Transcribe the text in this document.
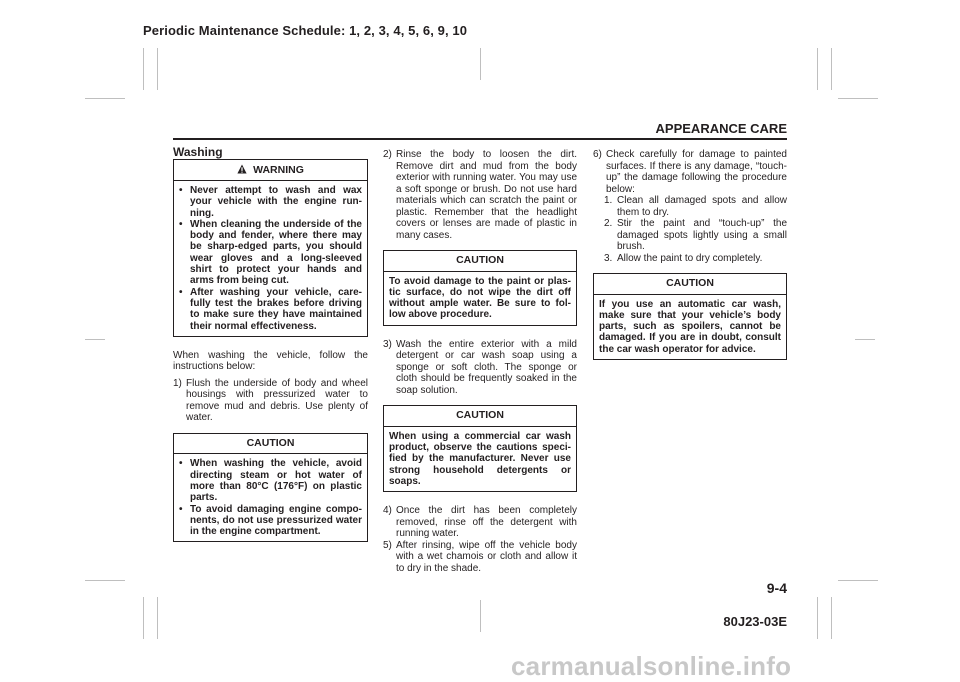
Periodic Maintenance Schedule: 1, 2, 3, 4, 5, 6, 9, 10
APPEARANCE CARE

Washing

WARNING
• Never attempt to wash and wax your vehicle with the engine run-ning.
• When cleaning the underside of the body and fender, where there may be sharp-edged parts, you should wear gloves and a long-sleeved shirt to protect your hands and arms from being cut.
• After washing your vehicle, care-fully test the brakes before driving to make sure they have maintained their normal effectiveness.

When washing the vehicle, follow the instructions below:

1) Flush the underside of body and wheel housings with pressurized water to remove mud and debris. Use plenty of water.
CAUTION
• When washing the vehicle, avoid directing steam or hot water of more than 80°C (176°F) on plastic parts.
• To avoid damaging engine compo-nents, do not use pressurized water in the engine compartment.
2) Rinse the body to loosen the dirt. Remove dirt and mud from the body exterior with running water. You may use a soft sponge or brush. Do not use hard materials which can scratch the paint or plastic. Remember that the headlight covers or lenses are made of plastic in many cases.
CAUTION
To avoid damage to the paint or plas-tic surface, do not wipe the dirt off without ample water. Be sure to fol-low above procedure.
3) Wash the entire exterior with a mild detergent or car wash soap using a sponge or soft cloth. The sponge or cloth should be frequently soaked in the soap solution.
CAUTION
When using a commercial car wash product, observe the cautions speci-fied by the manufacturer. Never use strong household detergents or soaps.
4) Once the dirt has been completely removed, rinse off the detergent with running water.
5) After rinsing, wipe off the vehicle body with a wet chamois or cloth and allow it to dry in the shade.
6) Check carefully for damage to painted surfaces. If there is any damage, “touch-up” the damage following the procedure below:
1. Clean all damaged spots and allow them to dry.
2. Stir the paint and “touch-up” the damaged spots lightly using a small brush.
3. Allow the paint to dry completely.
CAUTION
If you use an automatic car wash, make sure that your vehicle’s body parts, such as spoilers, cannot be damaged. If you are in doubt, consult the car wash operator for advice.
9-4
80J23-03E
carmanualsonline.info
